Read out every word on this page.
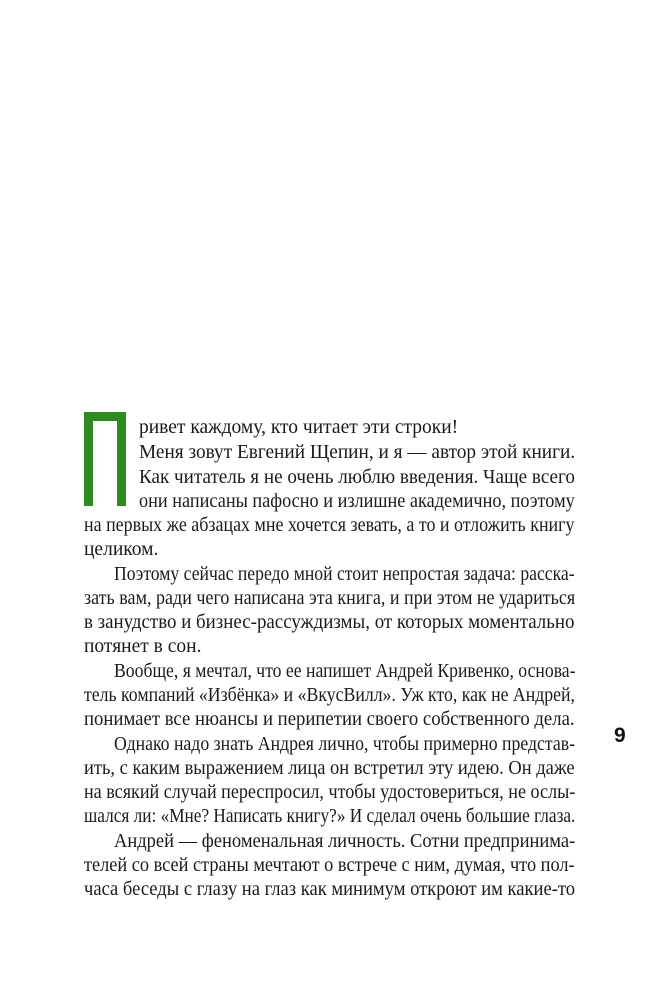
ривет каждому, кто читает эти строки!
Меня зовут Евгений Щепин, и я — автор этой книги.
Как читатель я не очень люблю введения. Чаще всего
они написаны пафосно и излишне академично, поэтому
на первых же абзацах мне хочется зевать, а то и отложить книгу
целиком.
Поэтому сейчас передо мной стоит непростая задача: расска-
зать вам, ради чего написана эта книга, и при этом не удариться
в занудство и бизнес-рассуждизмы, от которых моментально
потянет в сон.
Вообще, я мечтал, что ее напишет Андрей Кривенко, основа-
тель компаний «Избёнка» и «ВкусВилл». Уж кто, как не Андрей,
понимает все нюансы и перипетии своего собственного дела.
Однако надо знать Андрея лично, чтобы примерно представ-
ить, с каким выражением лица он встретил эту идею. Он даже
на всякий случай переспросил, чтобы удостовериться, не ослы-
шался ли: «Мне? Написать книгу?» И сделал очень большие глаза.
Андрей — феноменальная личность. Сотни предпринима-
телей со всей страны мечтают о встрече с ним, думая, что пол-
часа беседы с глазу на глаз как минимум откроют им какие-то
9
